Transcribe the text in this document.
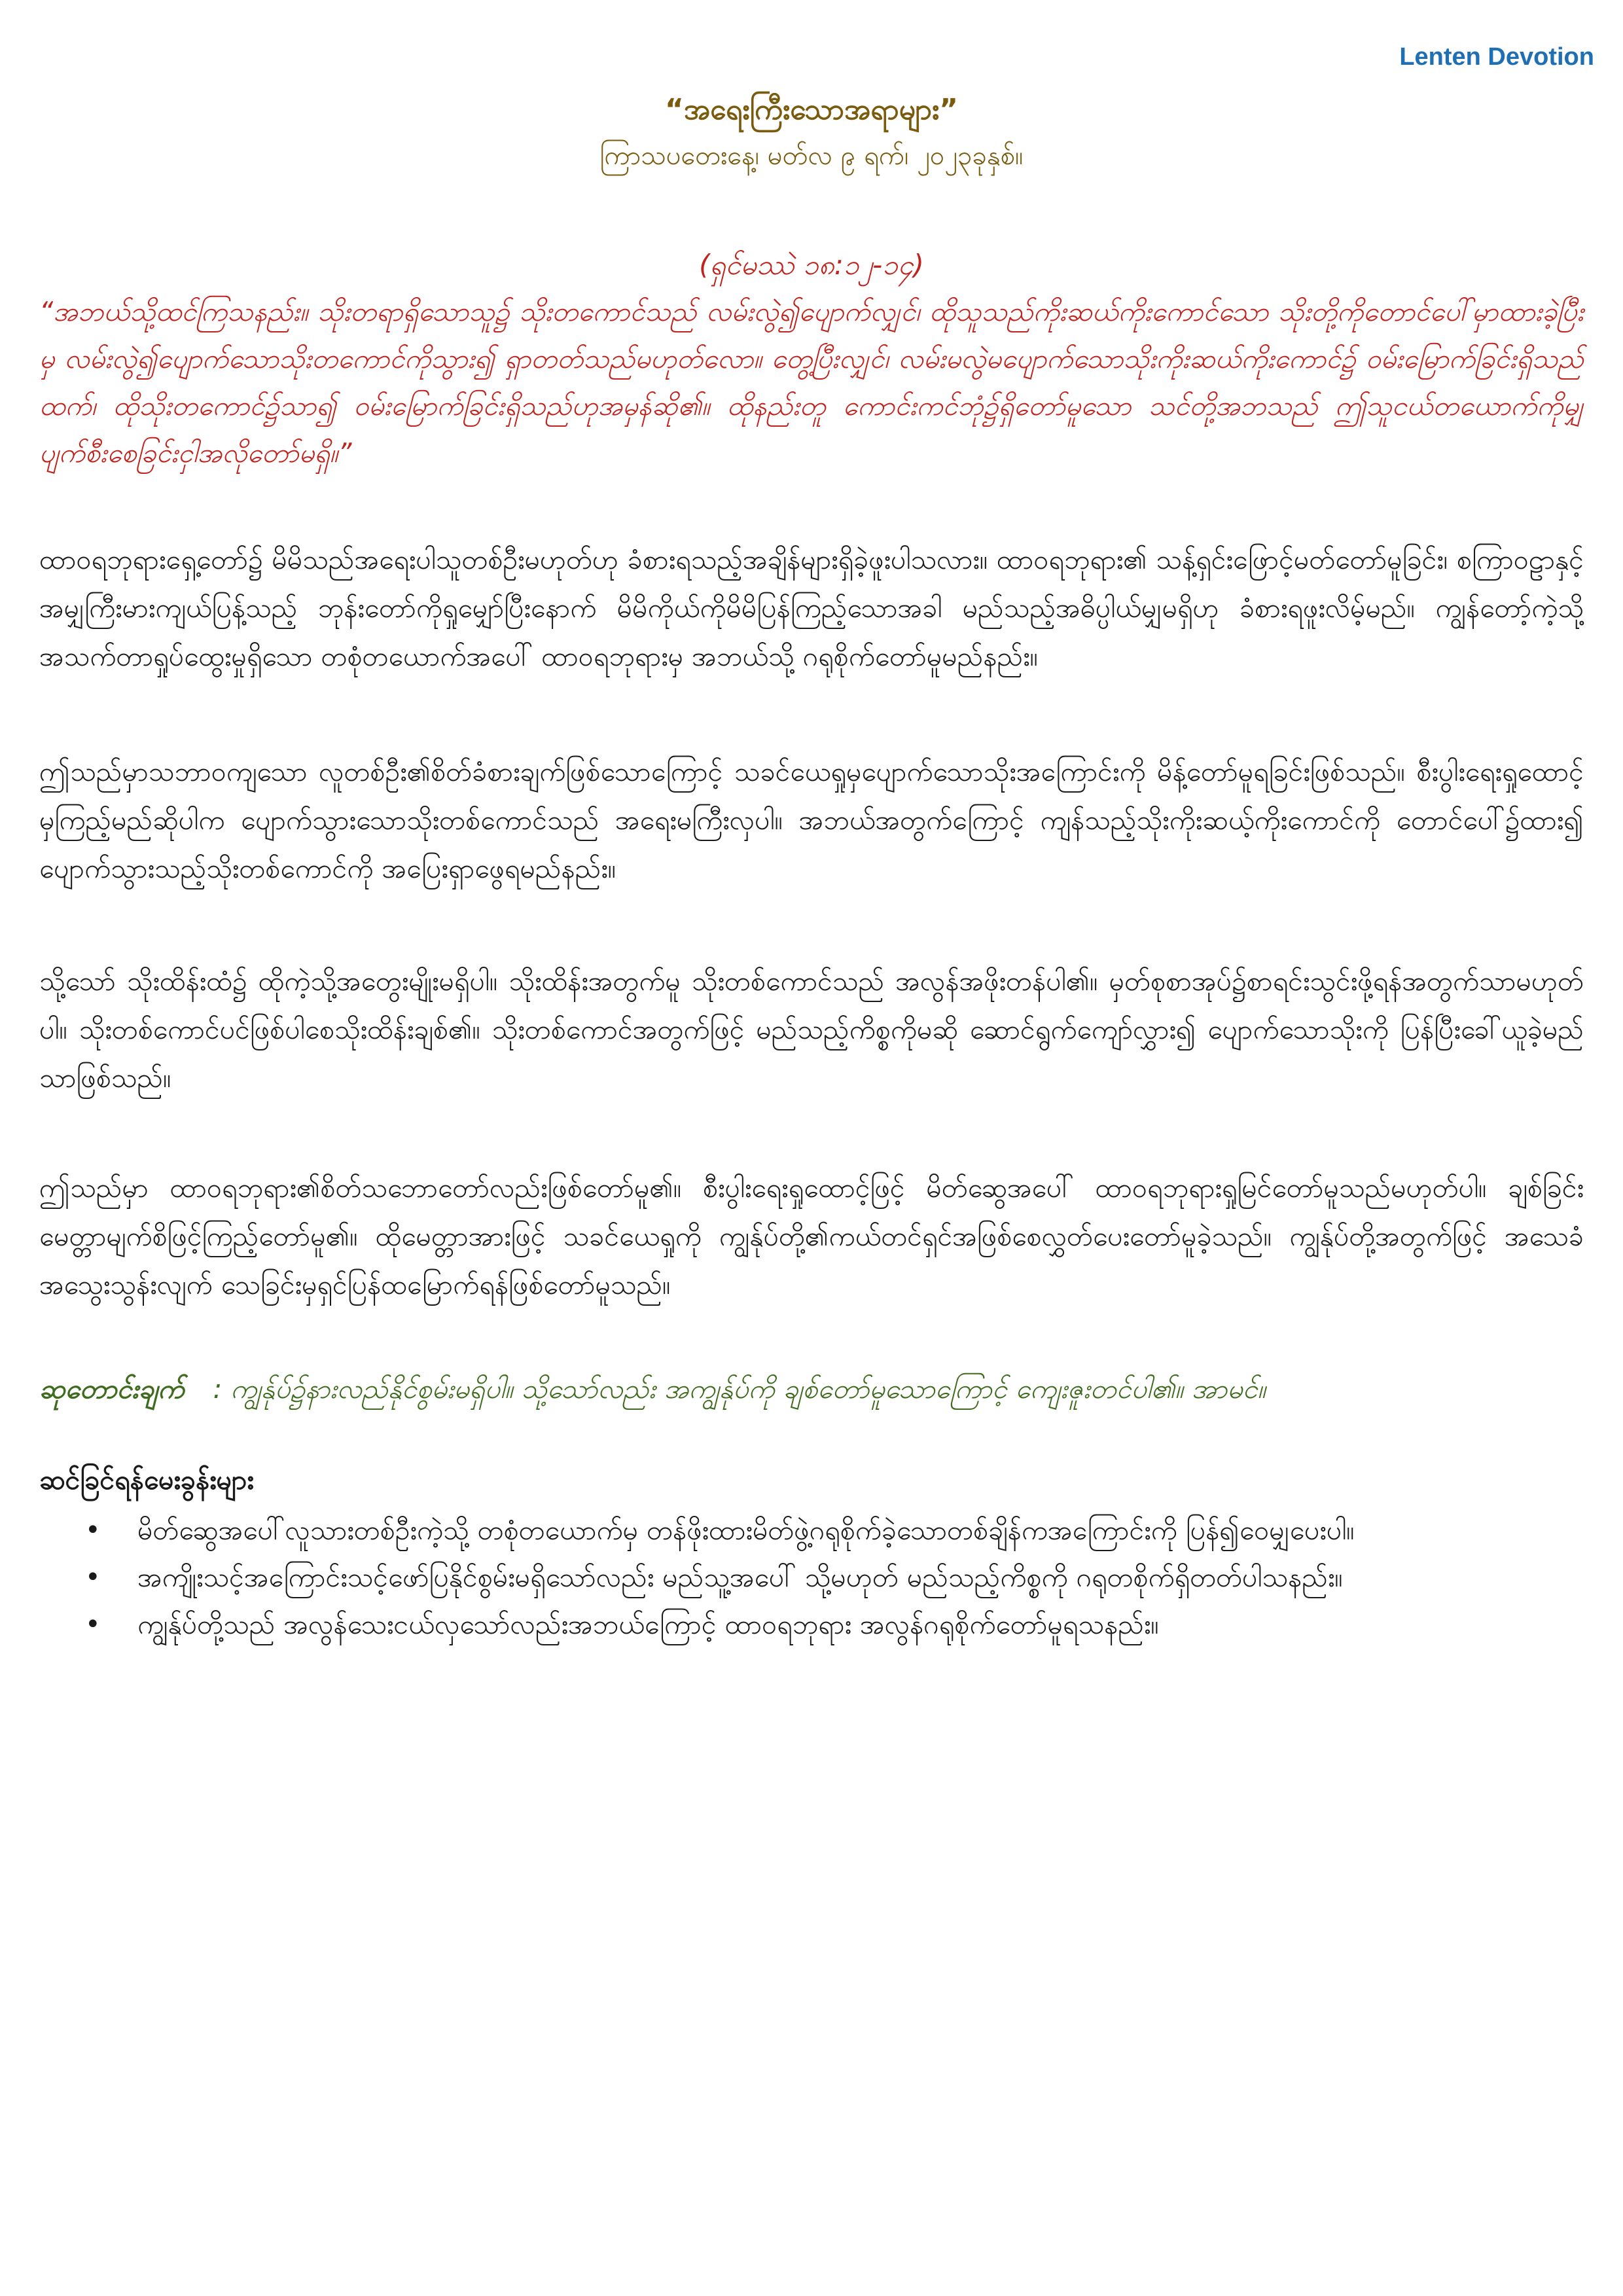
Lenten Devotion
“အရေးကြီးသောအရာများ”
ကြာသပတေးနေ့၊ မတ်လ ၉ ရက်၊ ၂၀၂၃ခုနှစ်။
(ရှင်မဿဲ ၁၈:၁၂-၁၄)

“အဘယ်သို့ထင်ကြသနည်း။ သိုးတရာရှိသောသူ၌ သိုးတကောင်သည် လမ်းလွဲ၍ပျောက်လျှင်၊ ထိုသူသည်ကိုးဆယ်ကိုးကောင်သော သိုးတို့ကိုတောင်ပေါ်မှာထားခဲ့ပြီးမှ လမ်းလွဲ၍ပျောက်သောသိုးတကောင်ကိုသွား၍ ရှာတတ်သည်မဟုတ်လော။ တွေ့ပြီးလျှင်၊ လမ်းမလွဲမပျောက်သောသိုးကိုးဆယ်ကိုးကောင်၌ ဝမ်းမြောက်ခြင်းရှိသည်ထက်၊ ထိုသိုးတကောင်၌သာ၍ ဝမ်းမြောက်ခြင်းရှိသည်ဟုအမှန်ဆို၏။ ထိုနည်းတူ ကောင်းကင်ဘုံ၌ရှိတော်မူသော သင်တို့အဘသည် ဤသူငယ်တယောက်ကိုမျှပျက်စီးစေခြင်းငှါအလိုတော်မရှိ။”

ထာဝရဘုရားရှေ့တော်၌ မိမိသည်အရေးပါသူတစ်ဦးမဟုတ်ဟု ခံစားရသည့်အချိန်များရှိခဲ့ဖူးပါသလား။ ထာဝရဘုရား၏ သန့်ရှင်းဖြောင့်မတ်တော်မူခြင်း၊ စကြာဝဠာနှင့်အမျှကြီးမားကျယ်ပြန့်သည့် ဘုန်းတော်ကိုရှုမျှော်ပြီးနောက် မိမိကိုယ်ကိုမိမိပြန်ကြည့်သောအခါ မည်သည့်အဓိပ္ပါယ်မျှမရှိဟု ခံစားရဖူးလိမ့်မည်။ ကျွန်တော့်ကဲ့သို့ အသက်တာရှုပ်ထွေးမှုရှိသော တစုံတယောက်အပေါ် ထာဝရဘုရားမှ အဘယ်သို့ ဂရုစိုက်တော်မူမည်နည်း။

ဤသည်မှာသဘာဝကျသော လူတစ်ဦး၏စိတ်ခံစားချက်ဖြစ်သောကြောင့် သခင်ယေရှုမှပျောက်သောသိုးအကြောင်းကို မိန့်တော်မူရခြင်းဖြစ်သည်။ စီးပွါးရေးရှုထောင့်မှကြည့်မည်ဆိုပါက ပျောက်သွားသောသိုးတစ်ကောင်သည် အရေးမကြီးလှပါ။ အဘယ်အတွက်ကြောင့် ကျန်သည့်သိုးကိုးဆယ့်ကိုးကောင်ကို တောင်ပေါ်၌ထား၍ ပျောက်သွားသည့်သိုးတစ်ကောင်ကို အပြေးရှာဖွေရမည်နည်း။

သို့သော် သိုးထိန်းထံ၌ ထိုကဲ့သို့အတွေးမျိုးမရှိပါ။ သိုးထိန်းအတွက်မူ သိုးတစ်ကောင်သည် အလွန်အဖိုးတန်ပါ၏။ မှတ်စုစာအုပ်၌စာရင်းသွင်းဖို့ရန်အတွက်သာမဟုတ်ပါ။ သိုးတစ်ကောင်ပင်ဖြစ်ပါစေသိုးထိန်းချစ်၏။ သိုးတစ်ကောင်အတွက်ဖြင့် မည်သည့်ကိစ္စကိုမဆို ဆောင်ရွက်ကျော်လွှား၍ ပျောက်သောသိုးကို ပြန်ပြီးခေါ်ယူခဲ့မည်သာဖြစ်သည်။

ဤသည်မှာ ထာဝရဘုရား၏စိတ်သဘောတော်လည်းဖြစ်တော်မူ၏။ စီးပွါးရေးရှုထောင့်ဖြင့် မိတ်ဆွေအပေါ် ထာဝရဘုရားရှုမြင်တော်မူသည်မဟုတ်ပါ။ ချစ်ခြင်းမေတ္တာမျက်စိဖြင့်ကြည့်တော်မူ၏။ ထိုမေတ္တာအားဖြင့် သခင်ယေရှုကို ကျွန်ုပ်တို့၏ကယ်တင်ရှင်အဖြစ်စေလွှတ်ပေးတော်မူခဲ့သည်။ ကျွန်ုပ်တို့အတွက်ဖြင့် အသေခံအသွေးသွန်းလျက် သေခြင်းမှရှင်ပြန်ထမြောက်ရန်ဖြစ်တော်မူသည်။

ဆုတောင်းချက် : ကျွန်ုပ်၌နားလည်နိုင်စွမ်းမရှိပါ။ သို့သော်လည်း အကျွန်ုပ်ကို ချစ်တော်မူသောကြောင့် ကျေးဇူးတင်ပါ၏။ အာမင်။
ဆင်ခြင်ရန်မေးခွန်းများ
• မိတ်ဆွေအပေါ်လူသားတစ်ဦးကဲ့သို့ တစုံတယောက်မှ တန်ဖိုးထားမိတ်ဖွဲ့ဂရုစိုက်ခဲ့သောတစ်ချိန်ကအကြောင်းကို ပြန်၍ဝေမျှပေးပါ။
• အကျိုးသင့်အကြောင်းသင့်ဖော်ပြနိုင်စွမ်းမရှိသော်လည်း မည်သူ့အပေါ် သို့မဟုတ် မည်သည့်ကိစ္စကို ဂရုတစိုက်ရှိတတ်ပါသနည်း။
• ကျွန်ုပ်တို့သည် အလွန်သေးငယ်လှသော်လည်းအဘယ်ကြောင့် ထာဝရဘုရား အလွန်ဂရုစိုက်တော်မူရသနည်း။
